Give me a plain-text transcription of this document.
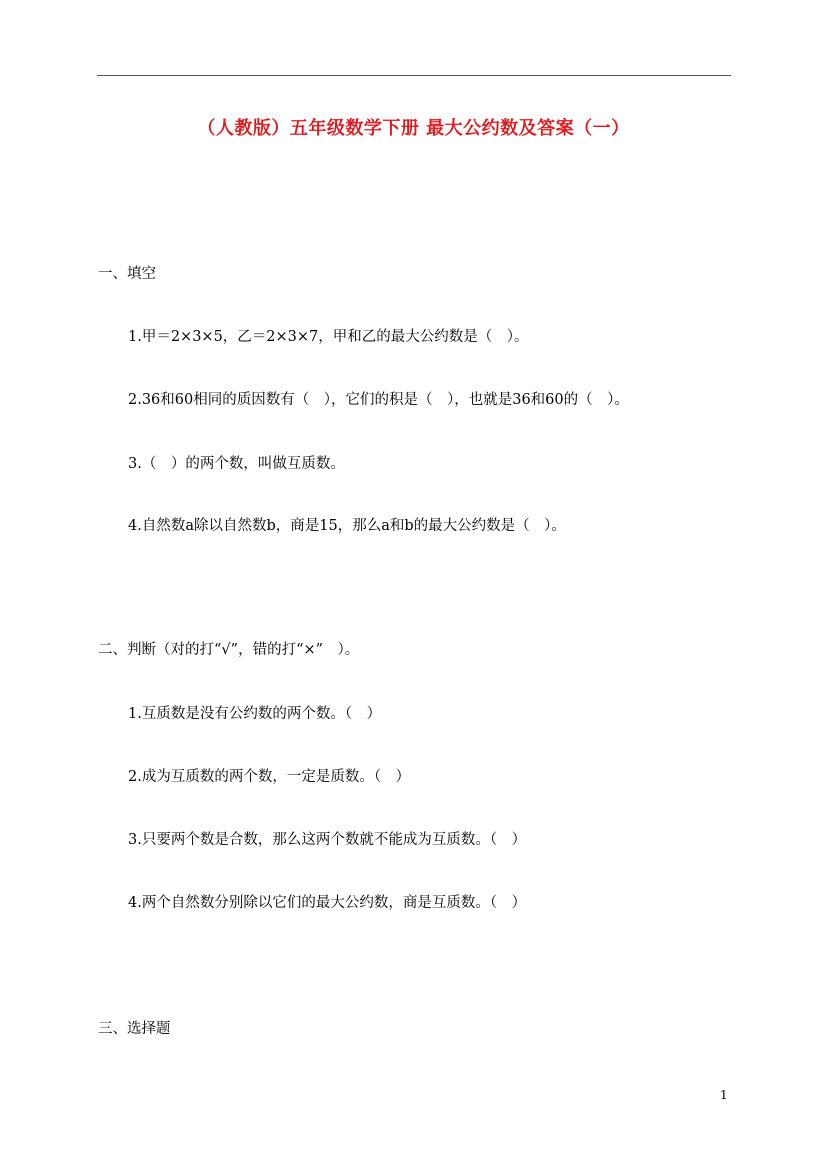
（人教版）五年级数学下册 最大公约数及答案（一）
一、填空
1.甲＝2×3×5，乙＝2×3×7，甲和乙的最大公约数是（　）。
2.36和60相同的质因数有（　），它们的积是（　），也就是36和60的（　）。
3.（　）的两个数，叫做互质数。
4.自然数a除以自然数b，商是15，那么a和b的最大公约数是（　）。
二、判断（对的打“√”，错的打“×”　）。
1.互质数是没有公约数的两个数。（　）
2.成为互质数的两个数，一定是质数。（　）
3.只要两个数是合数，那么这两个数就不能成为互质数。（　）
4.两个自然数分别除以它们的最大公约数，商是互质数。（　）
三、选择题
1
